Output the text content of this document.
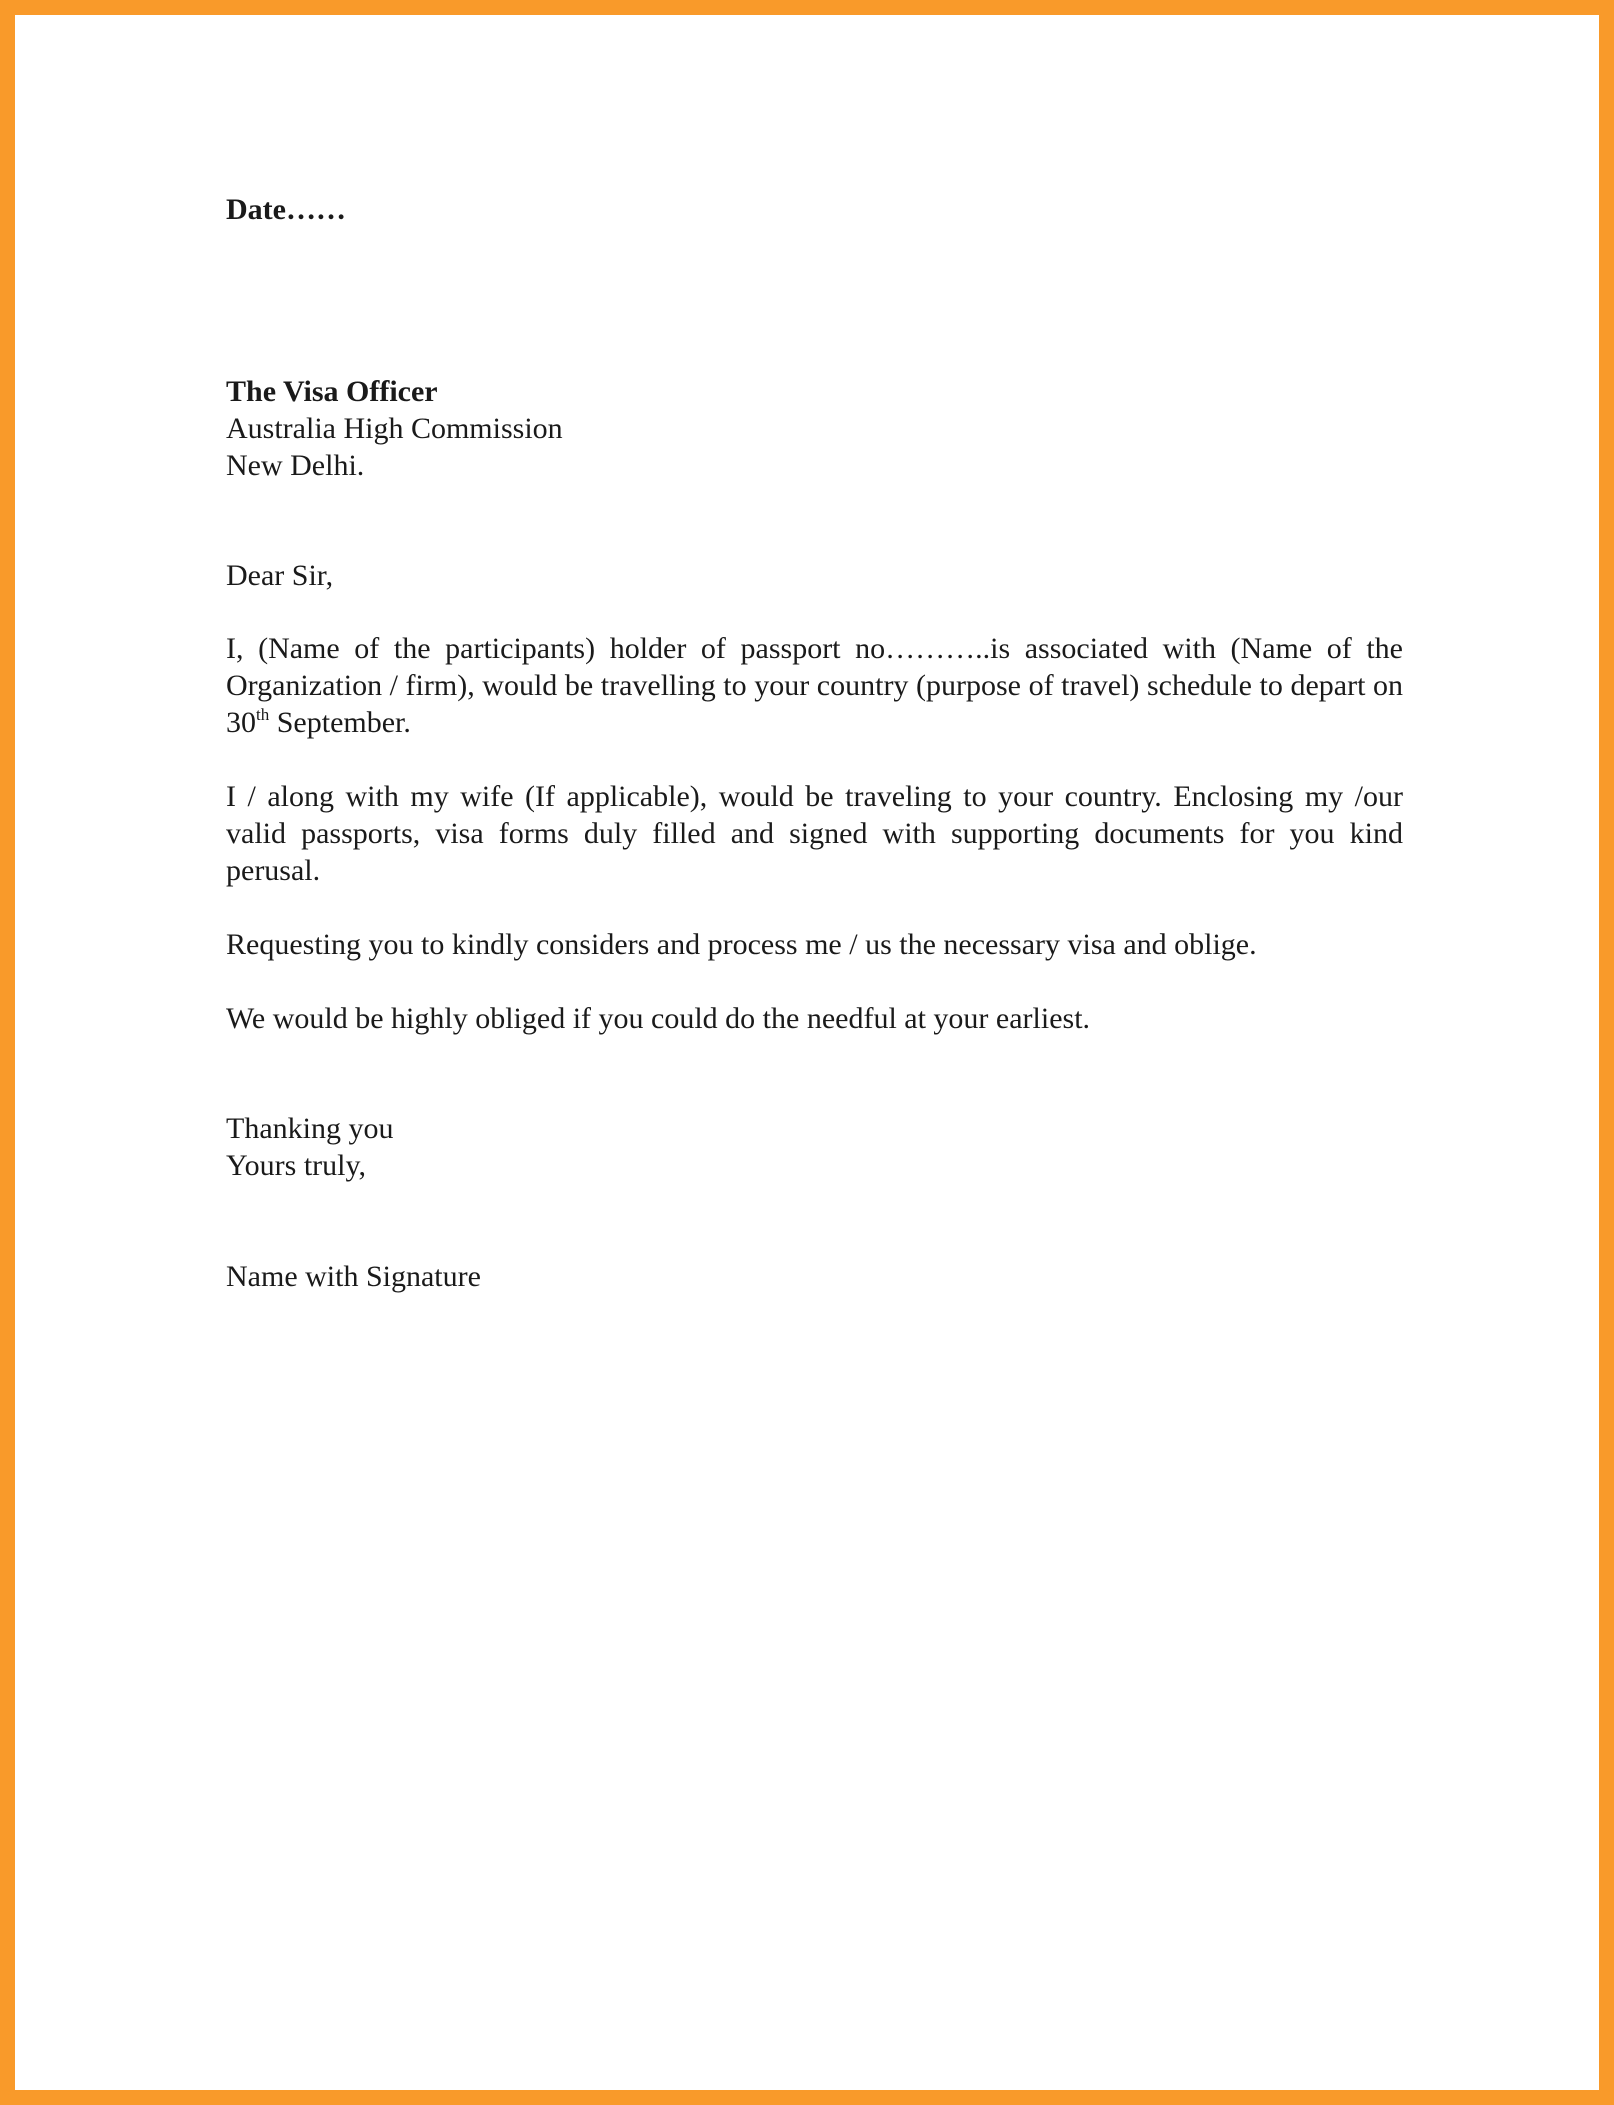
Date……

The Visa Officer
Australia High Commission
New Delhi.
Dear Sir,

I, (Name of the participants) holder of passport no………..is associated with (Name of the Organization / firm), would be travelling to your country (purpose of travel) schedule to depart on 30th September.

I / along with my wife (If applicable), would be traveling to your country. Enclosing my /our valid passports, visa forms duly filled and signed with supporting documents for you kind perusal.

Requesting you to kindly considers and process me / us the necessary visa and oblige.

We would be highly obliged if you could do the needful at your earliest.

Thanking you
Yours truly,
Name with Signature
